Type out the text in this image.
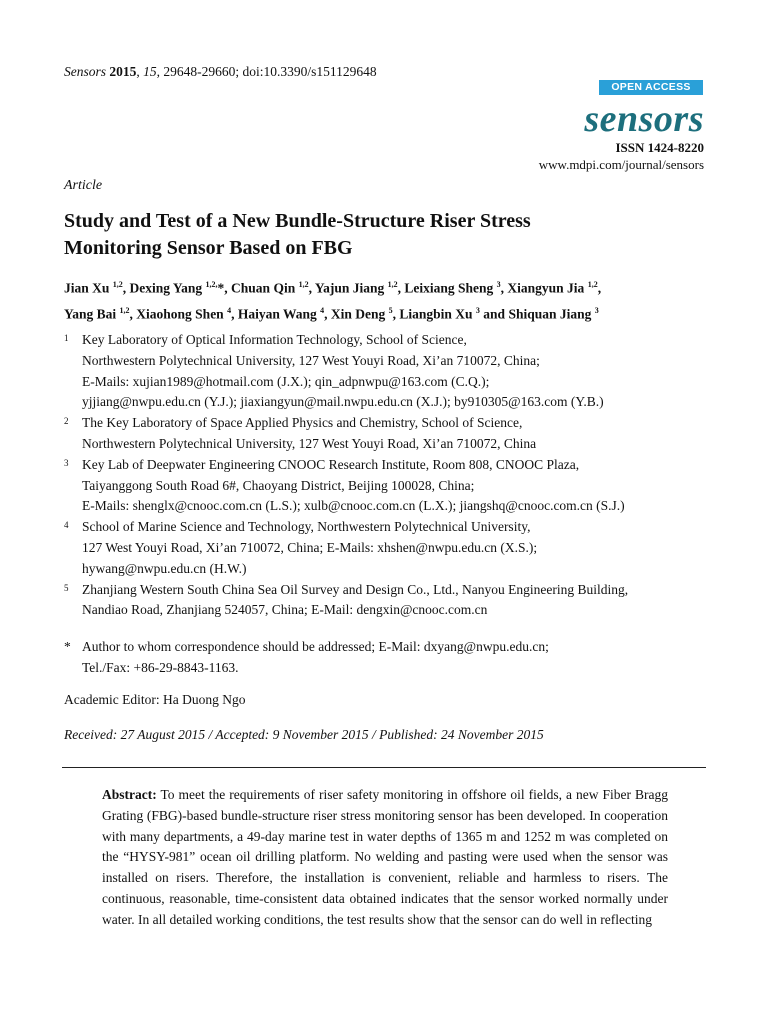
Sensors 2015, 15, 29648-29660; doi:10.3390/s151129648
OPEN ACCESS
sensors
ISSN 1424-8220
www.mdpi.com/journal/sensors
Article
Study and Test of a New Bundle-Structure Riser Stress
Monitoring Sensor Based on FBG
Jian Xu $^{1,2}$, Dexing Yang $^{1,2,}$*, Chuan Qin $^{1,2}$, Yajun Jiang $^{1,2}$, Leixiang Sheng $^3$, Xiangyun Jia $^{1,2}$,
Yang Bai $^{1,2}$, Xiaohong Shen $^4$, Haiyan Wang $^4$, Xin Deng $^5$, Liangbin Xu $^3$ and Shiquan Jiang $^3$
1 Key Laboratory of Optical Information Technology, School of Science,
Northwestern Polytechnical University, 127 West Youyi Road, Xi’an 710072, China;
E-Mails: xujian1989@hotmail.com (J.X.); qin_adpnwpu@163.com (C.Q.);
yjjiang@nwpu.edu.cn (Y.J.); jiaxiangyun@mail.nwpu.edu.cn (X.J.); by910305@163.com (Y.B.)
2 The Key Laboratory of Space Applied Physics and Chemistry, School of Science,
Northwestern Polytechnical University, 127 West Youyi Road, Xi’an 710072, China
3 Key Lab of Deepwater Engineering CNOOC Research Institute, Room 808, CNOOC Plaza,
Taiyanggong South Road 6#, Chaoyang District, Beijing 100028, China;
E-Mails: shenglx@cnooc.com.cn (L.S.); xulb@cnooc.com.cn (L.X.); jiangshq@cnooc.com.cn (S.J.)
4 School of Marine Science and Technology, Northwestern Polytechnical University,
127 West Youyi Road, Xi’an 710072, China; E-Mails: xhshen@nwpu.edu.cn (X.S.);
hywang@nwpu.edu.cn (H.W.)
5 Zhanjiang Western South China Sea Oil Survey and Design Co., Ltd., Nanyou Engineering Building,
Nandiao Road, Zhanjiang 524057, China; E-Mail: dengxin@cnooc.com.cn
* Author to whom correspondence should be addressed; E-Mail: dxyang@nwpu.edu.cn;
Tel./Fax: +86-29-8843-1163.
Academic Editor: Ha Duong Ngo
Received: 27 August 2015 / Accepted: 9 November 2015 / Published: 24 November 2015
Abstract: To meet the requirements of riser safety monitoring in offshore oil fields, a new Fiber Bragg Grating (FBG)-based bundle-structure riser stress monitoring sensor has been developed. In cooperation with many departments, a 49-day marine test in water depths of 1365 m and 1252 m was completed on the “HYSY-981” ocean oil drilling platform. No welding and pasting were used when the sensor was installed on risers. Therefore, the installation is convenient, reliable and harmless to risers. The continuous, reasonable, time-consistent data obtained indicates that the sensor worked normally under water. In all detailed working conditions, the test results show that the sensor can do well in reflecting
